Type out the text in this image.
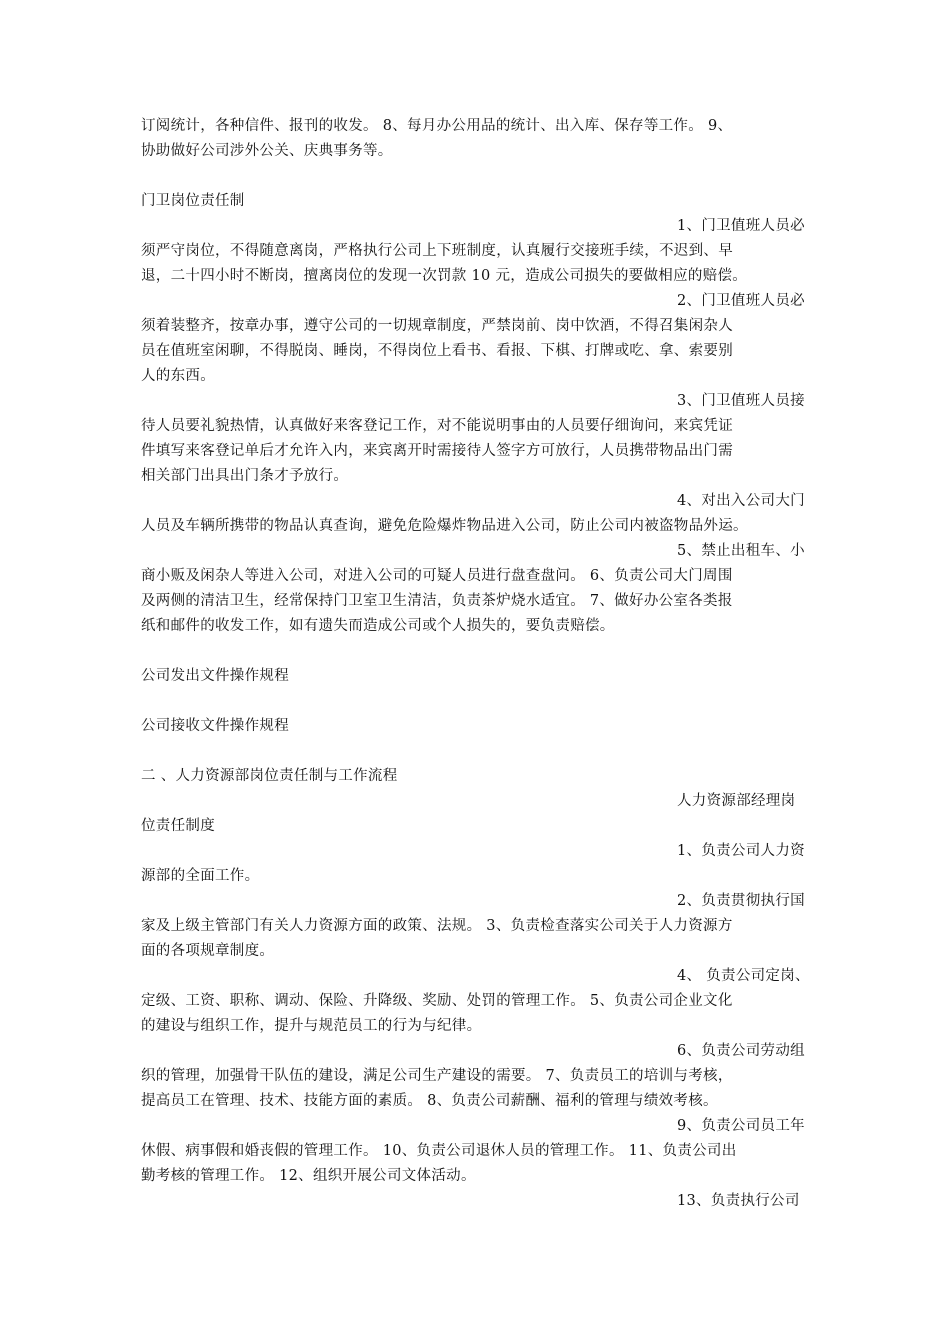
订阅统计，各种信件、报刊的收发。 8、每月办公用品的统计、出入库、保存等工作。 9、
协助做好公司涉外公关、庆典事务等。
门卫岗位责任制
1、门卫值班人员必
须严守岗位，不得随意离岗，严格执行公司上下班制度，认真履行交接班手续，不迟到、早
退，二十四小时不断岗，擅离岗位的发现一次罚款 10 元，造成公司损失的要做相应的赔偿。
2、门卫值班人员必
须着装整齐，按章办事，遵守公司的一切规章制度，严禁岗前、岗中饮酒，不得召集闲杂人
员在值班室闲聊，不得脱岗、睡岗，不得岗位上看书、看报、下棋、打牌或吃、拿、索要别
人的东西。
3、门卫值班人员接
待人员要礼貌热情，认真做好来客登记工作，对不能说明事由的人员要仔细询问，来宾凭证
件填写来客登记单后才允许入内，来宾离开时需接待人签字方可放行，人员携带物品出门需
相关部门出具出门条才予放行。
4、对出入公司大门
人员及车辆所携带的物品认真查询，避免危险爆炸物品进入公司，防止公司内被盗物品外运。
5、禁止出租车、小
商小贩及闲杂人等进入公司，对进入公司的可疑人员进行盘查盘问。 6、负责公司大门周围
及两侧的清洁卫生，经常保持门卫室卫生清洁，负责茶炉烧水适宜。 7、做好办公室各类报
纸和邮件的收发工作，如有遗失而造成公司或个人损失的，要负责赔偿。
公司发出文件操作规程
公司接收文件操作规程
二 、人力资源部岗位责任制与工作流程
人力资源部经理岗
位责任制度
1、负责公司人力资
源部的全面工作。
2、负责贯彻执行国
家及上级主管部门有关人力资源方面的政策、法规。 3、负责检查落实公司关于人力资源方
面的各项规章制度。
4、 负责公司定岗、
定级、工资、职称、调动、保险、升降级、奖励、处罚的管理工作。 5、负责公司企业文化
的建设与组织工作，提升与规范员工的行为与纪律。
6、负责公司劳动组
织的管理，加强骨干队伍的建设，满足公司生产建设的需要。 7、负责员工的培训与考核，
提高员工在管理、技术、技能方面的素质。 8、负责公司薪酬、福利的管理与绩效考核。
9、负责公司员工年
休假、病事假和婚丧假的管理工作。 10、负责公司退休人员的管理工作。 11、负责公司出
勤考核的管理工作。 12、组织开展公司文体活动。
13、负责执行公司
